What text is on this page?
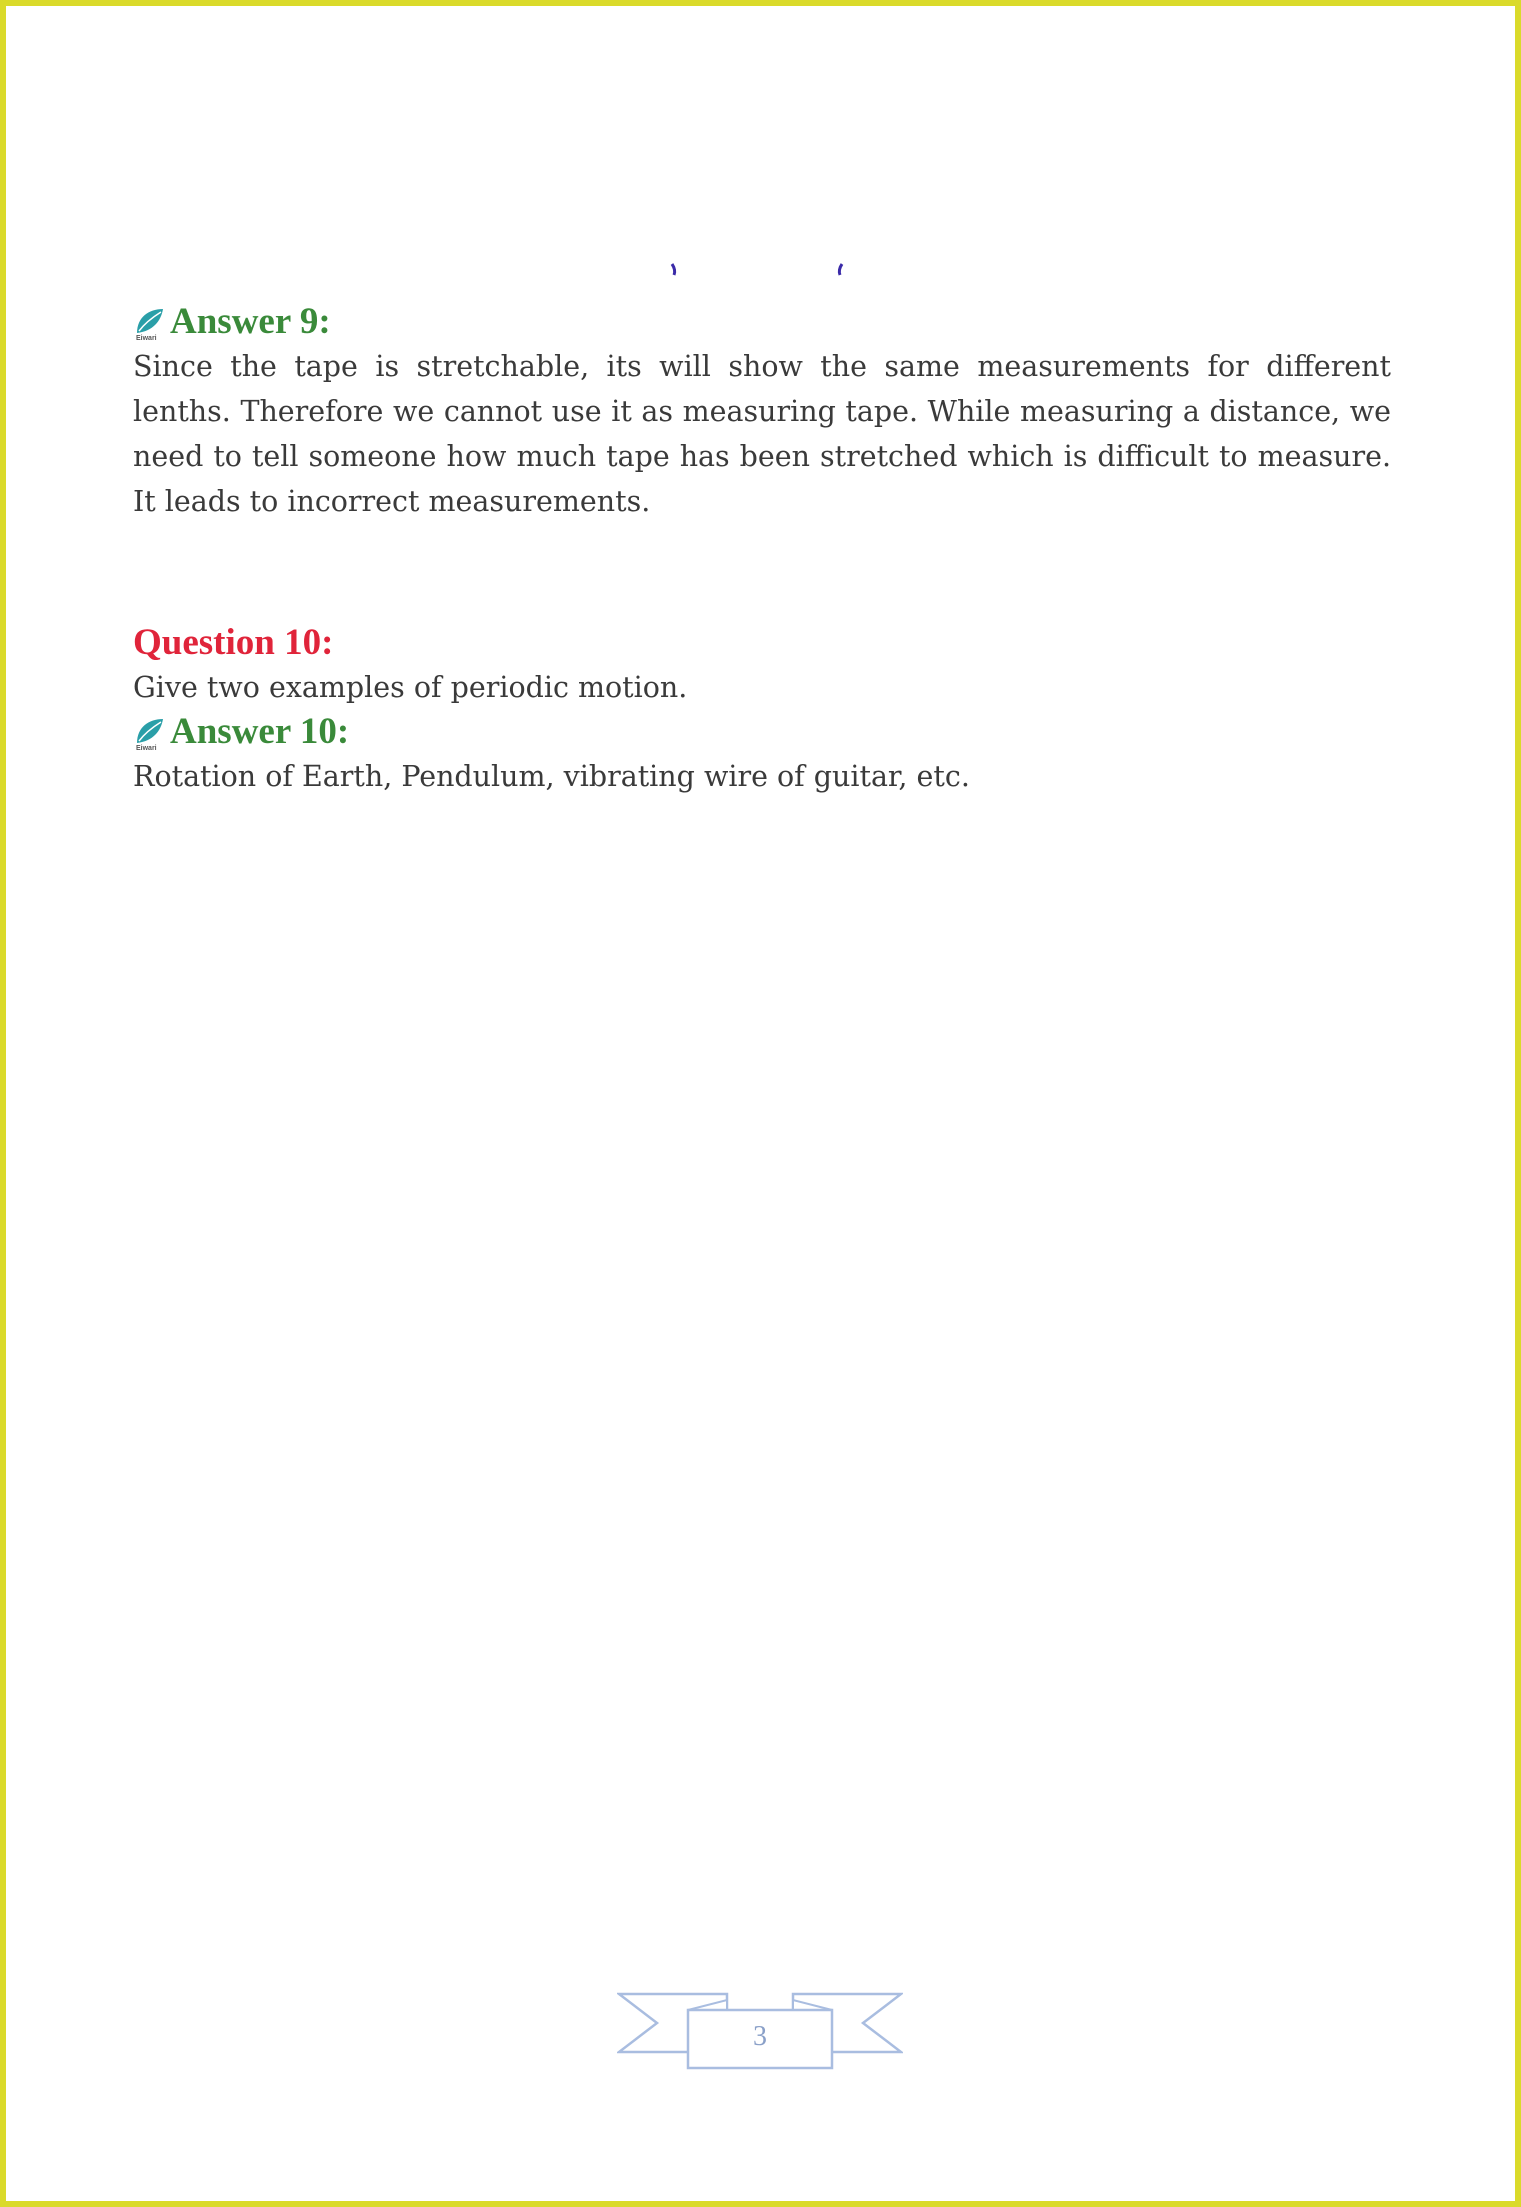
Eiwari Answer 9:

Since the tape is stretchable, its will show the same measurements for different lenths. Therefore we cannot use it as measuring tape. While measuring a distance, we need to tell someone how much tape has been stretched which is difficult to measure. It leads to incorrect measurements.

Question 10:

Give two examples of periodic motion.

Eiwari Answer 10:

Rotation of Earth, Pendulum, vibrating wire of guitar, etc.

3
